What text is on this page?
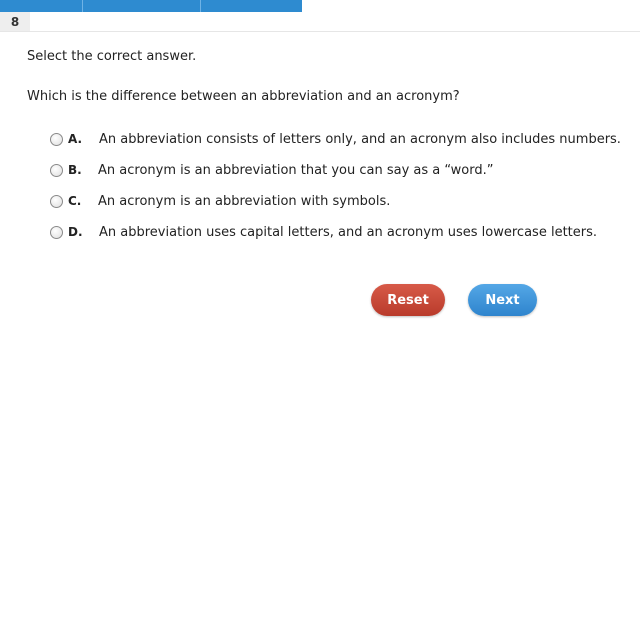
8
Select the correct answer.
Which is the difference between an abbreviation and an acronym?
A. An abbreviation consists of letters only, and an acronym also includes numbers.
B. An acronym is an abbreviation that you can say as a “word.”
C. An acronym is an abbreviation with symbols.
D. An abbreviation uses capital letters, and an acronym uses lowercase letters.
Reset	Next
